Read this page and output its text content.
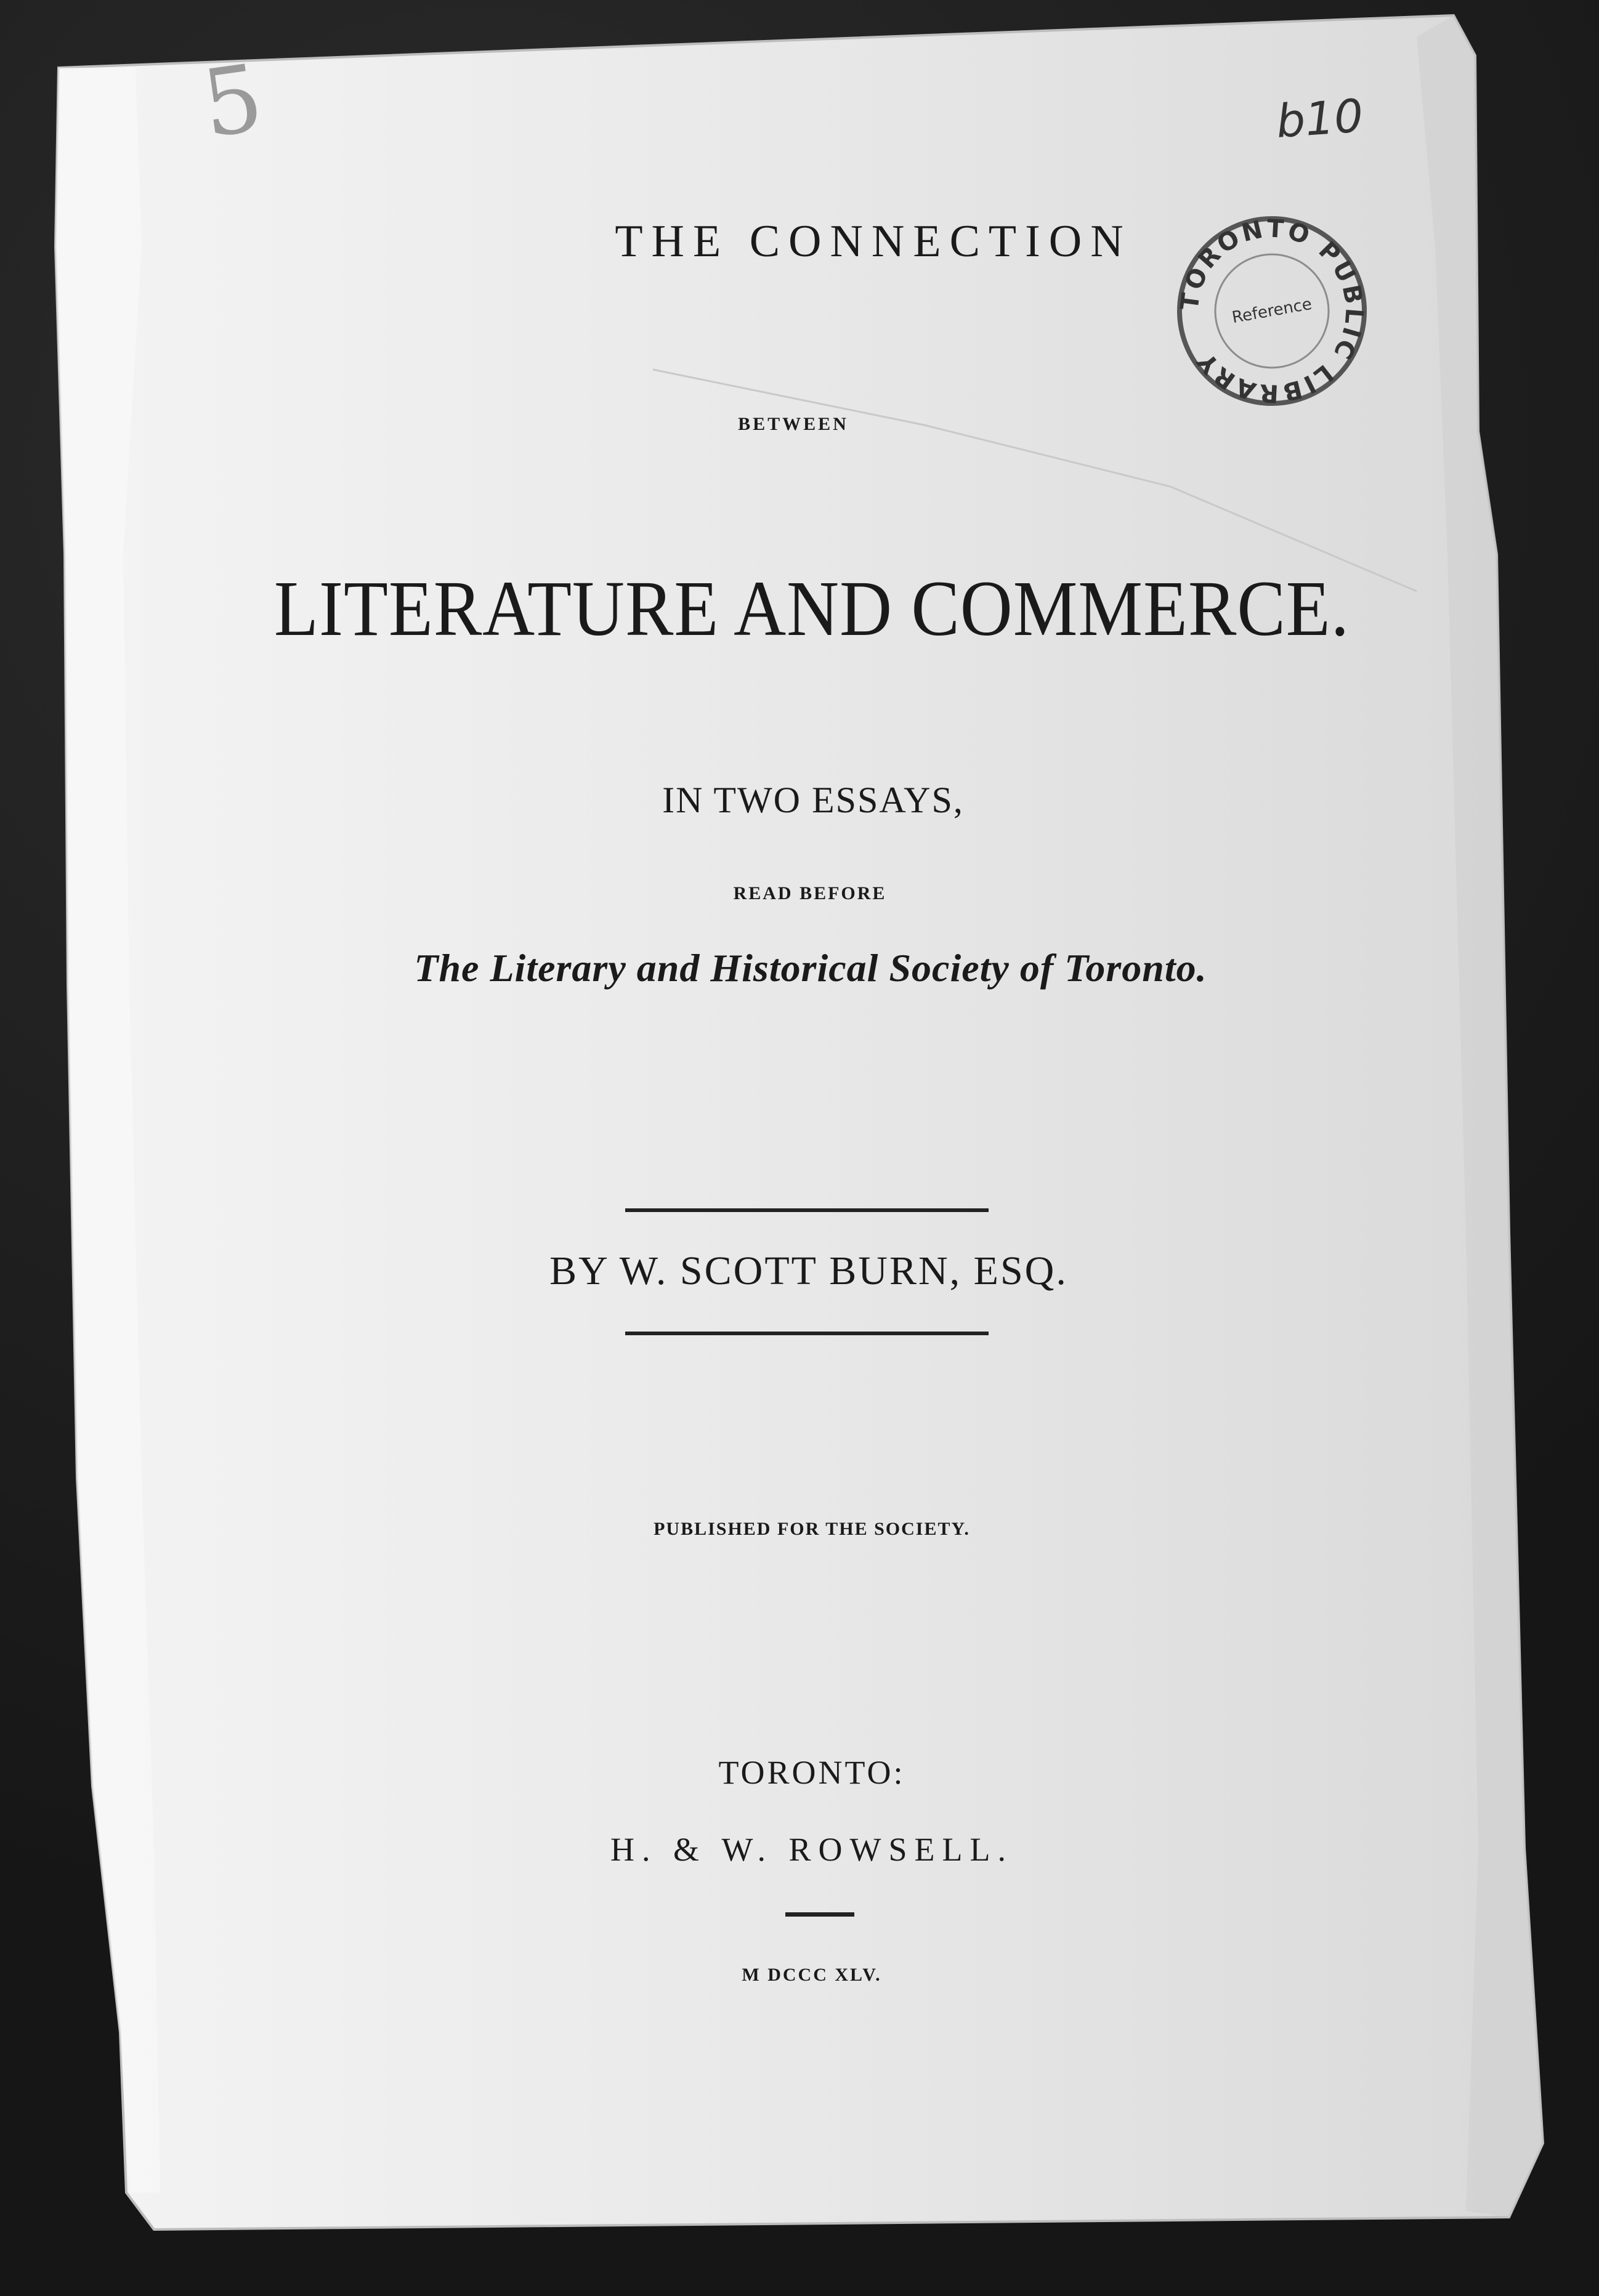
5	b10
TORONTO PUBLIC LIBRARY
Reference
THE CONNECTION
BETWEEN
LITERATURE AND COMMERCE.
IN TWO ESSAYS,
READ BEFORE
The Literary and Historical Society of Toronto.
BY W. SCOTT BURN, ESQ.
PUBLISHED FOR THE SOCIETY.
TORONTO:
H. & W. ROWSELL.
M DCCC XLV.
